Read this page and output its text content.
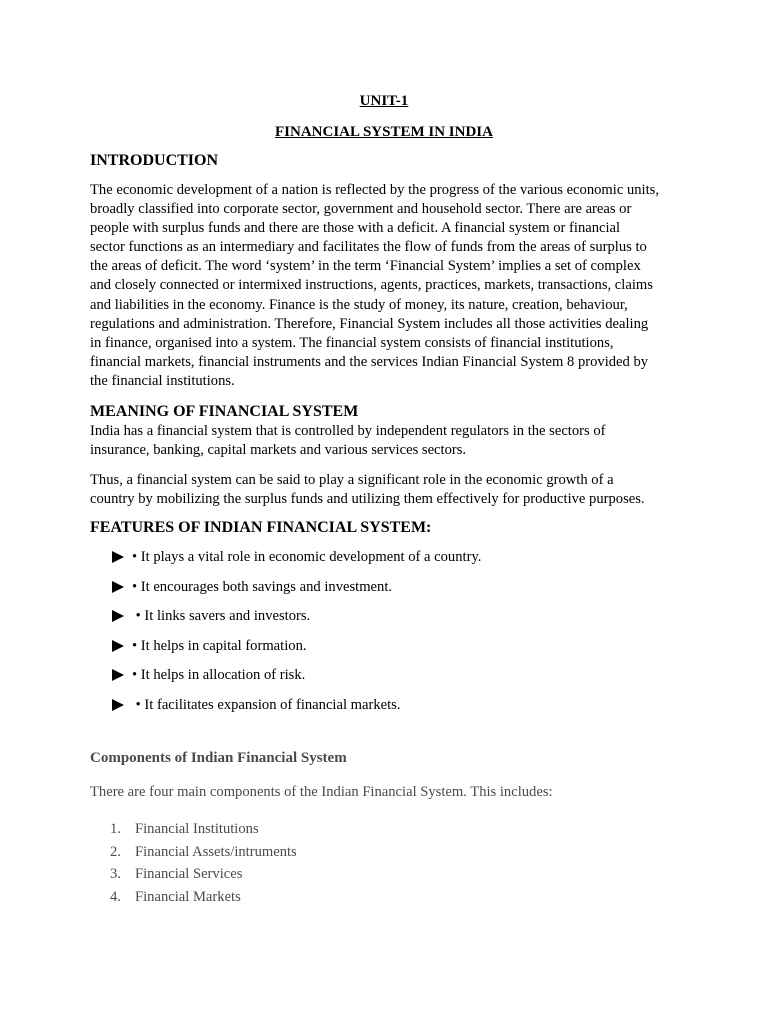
UNIT-1
FINANCIAL SYSTEM IN INDIA
INTRODUCTION
The economic development of a nation is reflected by the progress of the various economic units,
broadly classified into corporate sector, government and household sector. There are areas or
people with surplus funds and there are those with a deficit. A financial system or financial
sector functions as an intermediary and facilitates the flow of funds from the areas of surplus to
the areas of deficit. The word ‘system’ in the term ‘Financial System’ implies a set of complex
and closely connected or intermixed instructions, agents, practices, markets, transactions, claims
and liabilities in the economy. Finance is the study of money, its nature, creation, behaviour,
regulations and administration. Therefore, Financial System includes all those activities dealing
in finance, organised into a system. The financial system consists of financial institutions,
financial markets, financial instruments and the services Indian Financial System 8 provided by
the financial institutions.
MEANING OF FINANCIAL SYSTEM
India has a financial system that is controlled by independent regulators in the sectors of
insurance, banking, capital markets and various services sectors.
Thus, a financial system can be said to play a significant role in the economic growth of a
country by mobilizing the surplus funds and utilizing them effectively for productive purposes.
FEATURES OF INDIAN FINANCIAL SYSTEM:
• It plays a vital role in economic development of a country.
• It encourages both savings and investment.
• It links savers and investors.
• It helps in capital formation.
• It helps in allocation of risk.
• It facilitates expansion of financial markets.
Components of Indian Financial System
There are four main components of the Indian Financial System. This includes:
1. Financial Institutions
2. Financial Assets/intruments
3. Financial Services
4. Financial Markets
